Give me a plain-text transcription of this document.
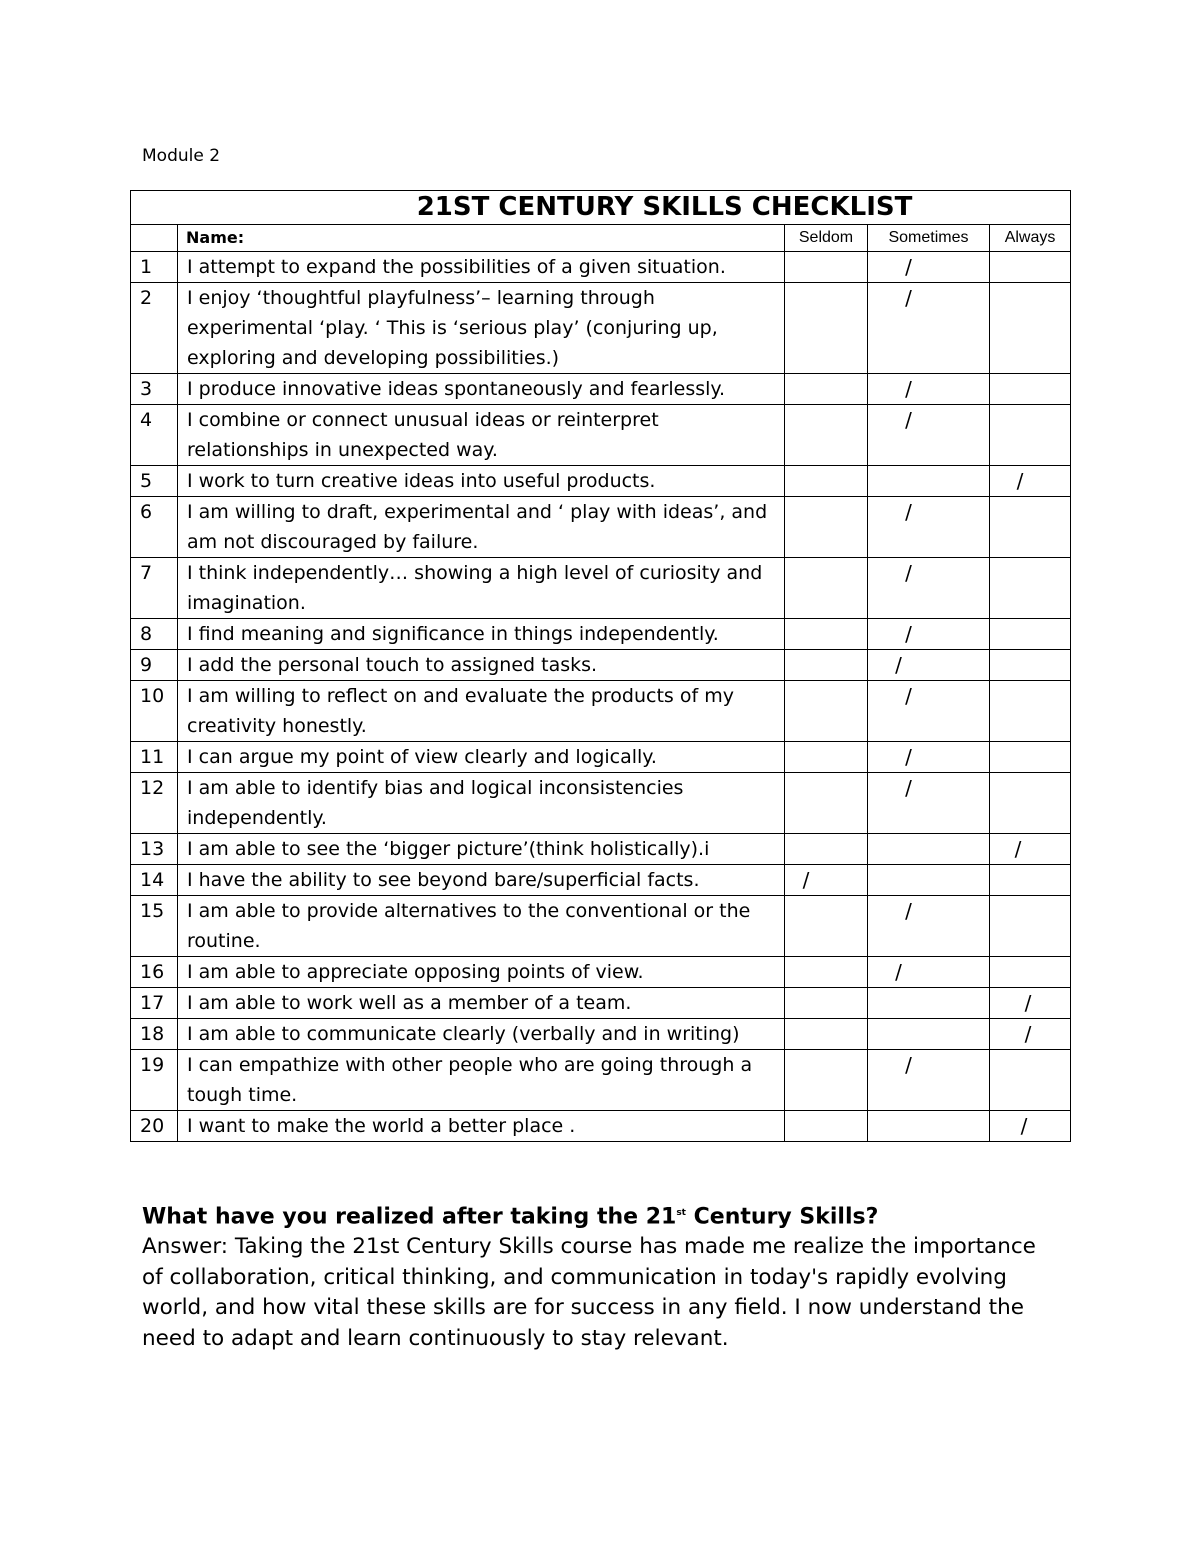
Module 2
21ST CENTURY SKILLS CHECKLIST				
	Name:	Seldom	Sometimes	Always
1	I attempt to expand the possibilities of a given situation.		/	
2	I enjoy ‘thoughtful playfulness’– learning through experimental ‘play. ‘ This is ‘serious play’ (conjuring up, exploring and developing possibilities.)		/	
3	I produce innovative ideas spontaneously and fearlessly.		/	
4	I combine or connect unusual ideas or reinterpret relationships in unexpected way.		/	
5	I work to turn creative ideas into useful products.			/
6	I am willing to draft, experimental and ‘ play with ideas’, and am not discouraged by failure.		/	
7	I think independently… showing a high level of curiosity and imagination.		/	
8	I find meaning and significance in things independently.		/	
9	I add the personal touch to assigned tasks.		/	
10	I am willing to reflect on and evaluate the products of my creativity honestly.		/	
11	I can argue my point of view clearly and logically.		/	
12	I am able to identify bias and logical inconsistencies independently.		/	
13	I am able to see the ‘bigger picture’(think holistically).i			/
14	I have the ability to see beyond bare/superficial facts.	/		
15	I am able to provide alternatives to the conventional or the routine.		/	
16	I am able to appreciate opposing points of view.		/	
17	I am able to work well as a member of a team.			/
18	I am able to communicate clearly (verbally and in writing)			/
19	I can empathize with other people who are going through a tough time.		/	
20	I want to make the world a better place .			/
What have you realized after taking the 21st Century Skills?
Answer: Taking the 21st Century Skills course has made me realize the importance of collaboration, critical thinking, and communication in today's rapidly evolving world, and how vital these skills are for success in any field. I now understand the need to adapt and learn continuously to stay relevant.
